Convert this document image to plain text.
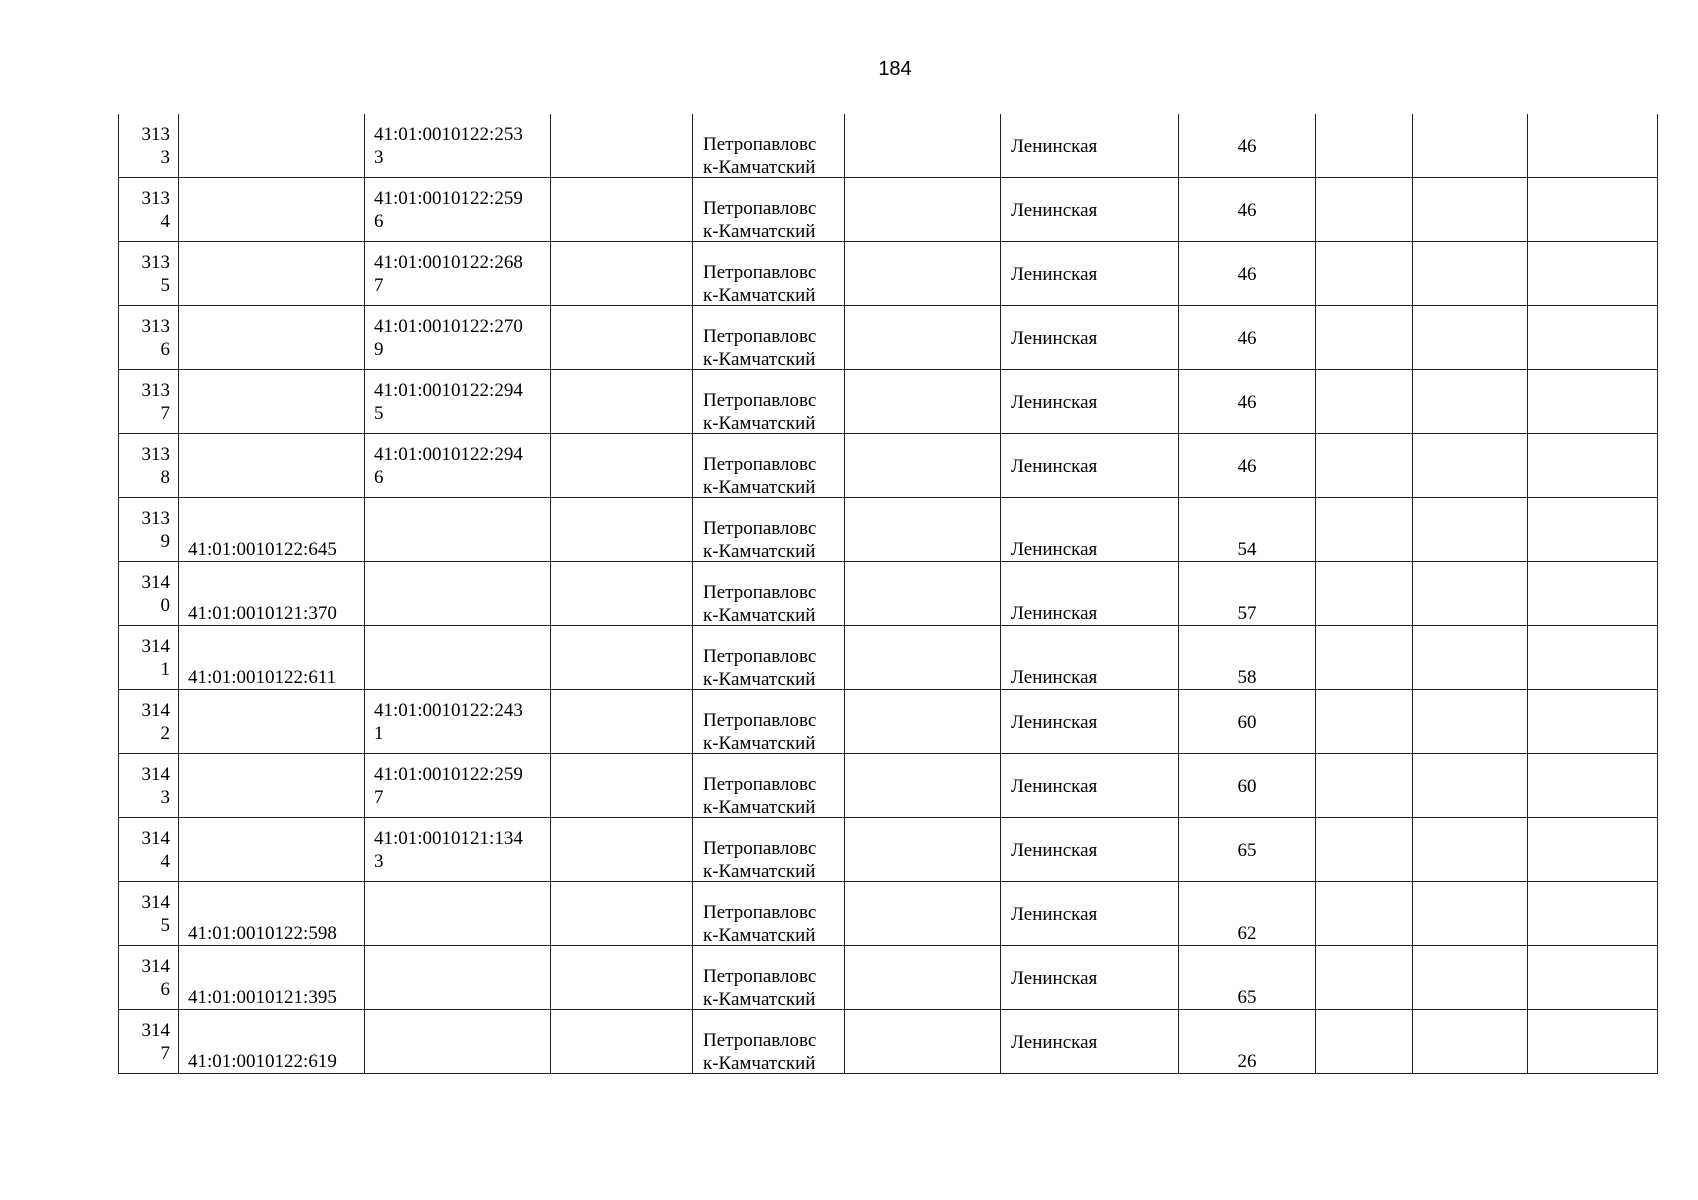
184
313
3		41:01:0010122:253
3		Петропавловс
к-Камчатский		Ленинская	46			

313
4		41:01:0010122:259
6		Петропавловс
к-Камчатский		Ленинская	46			

313
5		41:01:0010122:268
7		Петропавловс
к-Камчатский		Ленинская	46			

313
6		41:01:0010122:270
9		Петропавловс
к-Камчатский		Ленинская	46			

313
7		41:01:0010122:294
5		Петропавловс
к-Камчатский		Ленинская	46			

313
8		41:01:0010122:294
6		Петропавловс
к-Камчатский		Ленинская	46			

313
9	41:01:0010122:645			Петропавловс
к-Камчатский		Ленинская	54			

314
0	41:01:0010121:370			Петропавловс
к-Камчатский		Ленинская	57			

314
1	41:01:0010122:611			Петропавловс
к-Камчатский		Ленинская	58			

314
2		41:01:0010122:243
1		Петропавловс
к-Камчатский		Ленинская	60			

314
3		41:01:0010122:259
7		Петропавловс
к-Камчатский		Ленинская	60			

314
4		41:01:0010121:134
3		Петропавловс
к-Камчатский		Ленинская	65			

314
5	41:01:0010122:598			Петропавловс
к-Камчатский		Ленинская	62			

314
6	41:01:0010121:395			Петропавловс
к-Камчатский		Ленинская	65			

314
7	41:01:0010122:619			Петропавловс
к-Камчатский		Ленинская	26			
